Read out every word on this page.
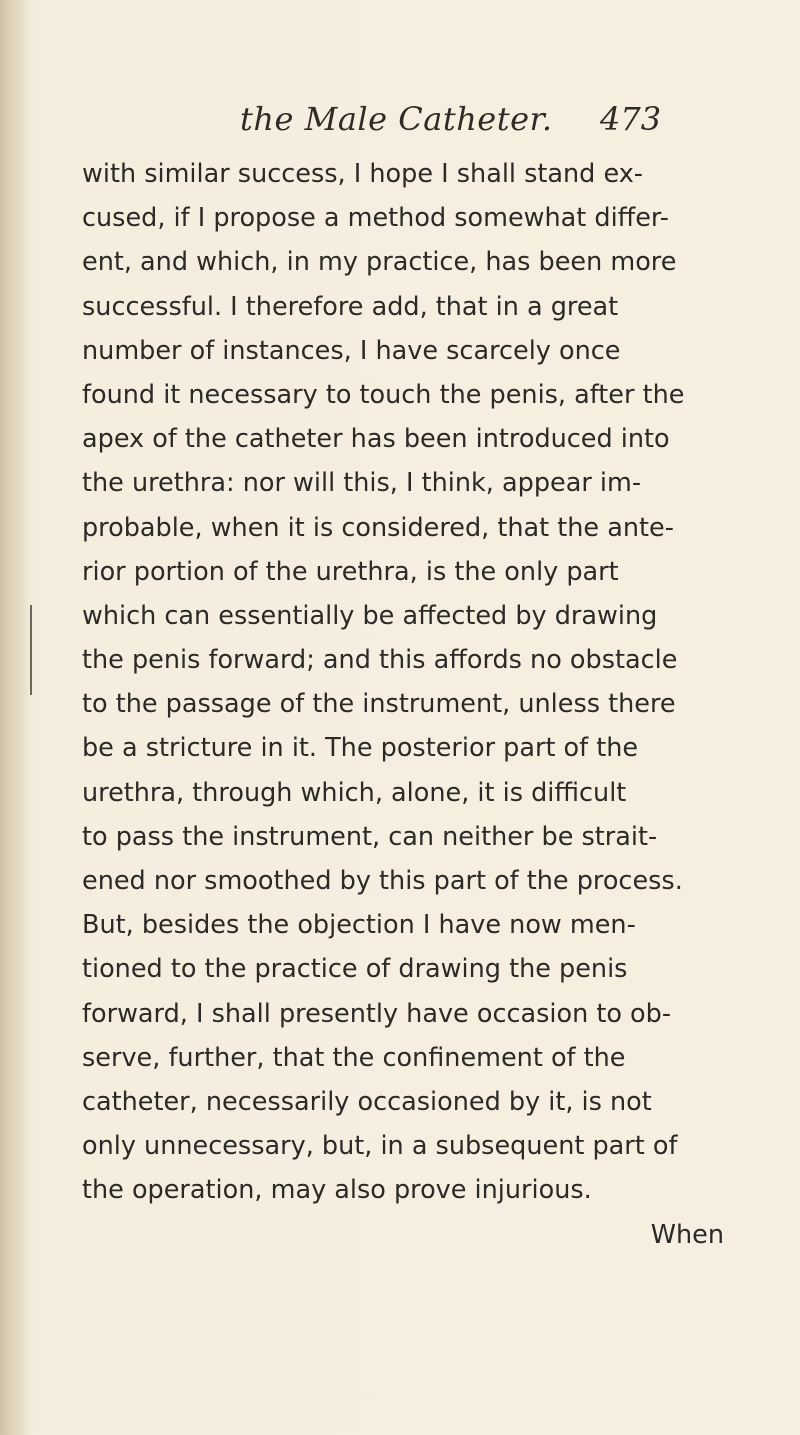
the Male Catheter. 473
with similar success, I hope I shall stand ex-
cused, if I propose a method somewhat differ-
ent, and which, in my practice, has been more
successful. I therefore add, that in a great
number of instances, I have scarcely once
found it necessary to touch the penis, after the
apex of the catheter has been introduced into
the urethra: nor will this, I think, appear im-
probable, when it is considered, that the ante-
rior portion of the urethra, is the only part
which can essentially be affected by drawing
the penis forward; and this affords no obstacle
to the passage of the instrument, unless there
be a stricture in it. The posterior part of the
urethra, through which, alone, it is difficult
to pass the instrument, can neither be strait-
ened nor smoothed by this part of the process.
But, besides the objection I have now men-
tioned to the practice of drawing the penis
forward, I shall presently have occasion to ob-
serve, further, that the confinement of the
catheter, necessarily occasioned by it, is not
only unnecessary, but, in a subsequent part of
the operation, may also prove injurious.
When
